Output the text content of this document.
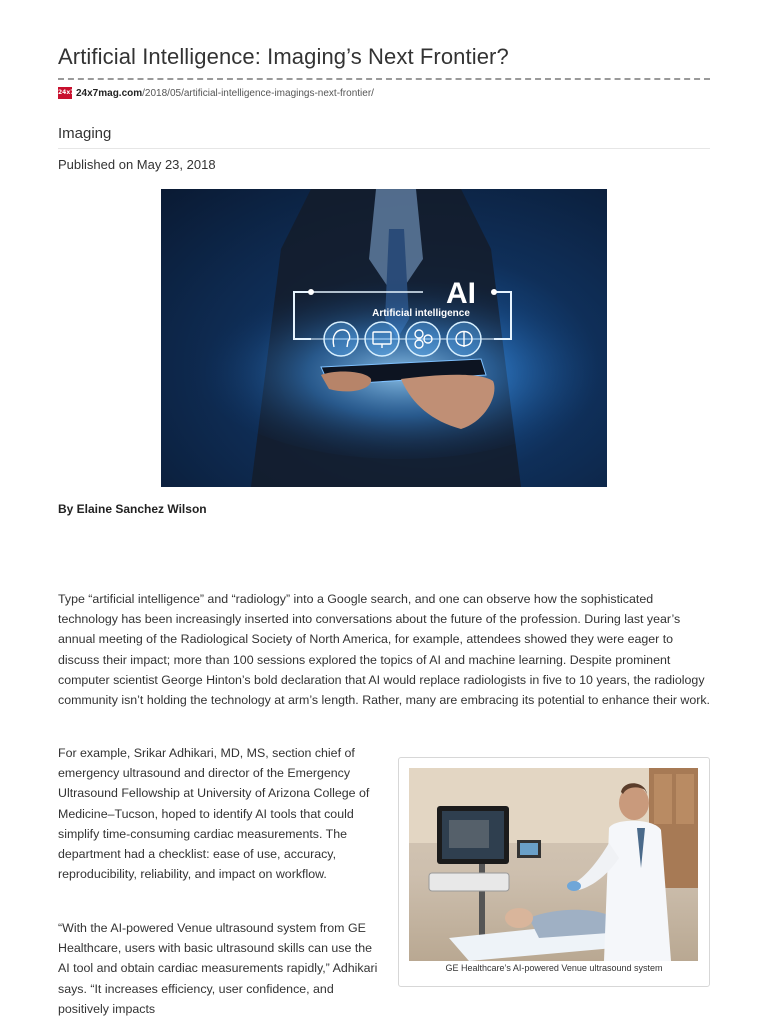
Artificial Intelligence: Imaging’s Next Frontier?
24x7 24x7mag.com /2018/05/artificial-intelligence-imagings-next-frontier/
Imaging
Published on May 23, 2018
AI
Artificial intelligence
By Elaine Sanchez Wilson

Type “artificial intelligence” and “radiology” into a Google search, and one can observe how the sophisticated technology has been increasingly inserted into conversations about the future of the profession. During last year’s annual meeting of the Radiological Society of North America, for example, attendees showed they were eager to discuss their impact; more than 100 sessions explored the topics of AI and machine learning. Despite prominent computer scientist George Hinton’s bold declaration that AI would replace radiologists in five to 10 years, the radiology community isn’t holding the technology at arm’s length. Rather, many are embracing its potential to enhance their work.

For example, Srikar Adhikari, MD, MS, section chief of emergency ultrasound and director of the Emergency Ultrasound Fellowship at University of Arizona College of Medicine–Tucson, hoped to identify AI tools that could simplify time-consuming cardiac measurements. The department had a checklist: ease of use, accuracy, reproducibility, reliability, and impact on workflow.

GE Healthcare’s AI-powered Venue ultrasound system

“With the AI-powered Venue ultrasound system from GE Healthcare, users with basic ultrasound skills can use the AI tool and obtain cardiac measurements rapidly,” Adhikari says. “It increases efficiency, user confidence, and positively impacts
